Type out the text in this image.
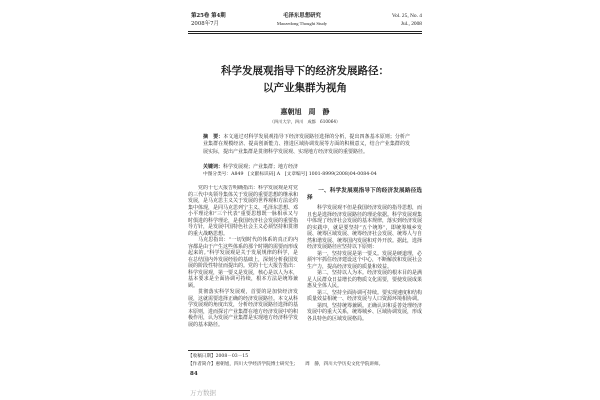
第25卷 第4期
2008年7月
毛泽东思想研究
Maozedong Thought Study
Vol. 25, No. 4
Jul., 2008
科学发展观指导下的经济发展路径：
以产业集群为视角
惠朝旭　周　静
（四川大学，四川　成都　610064）
摘　要：本文通过对科学发展观指导下经济发展路径选择的分析，提出四条基本原则；分析产业集群在规模经济、提高创新能力、推进区域协调发展等方面的积极意义，结合产业集群的发展实际，提出产业集群是贯彻科学发展观、实现地方经济发展的重要路径。
关键词：科学发展观；产业集群；地方经济
中图分类号：A849　[文献标识码] A　[文章编号] 1001-8999(2008)04-0084-04

党的十七大报告明确指出：科学发展观是对党的三代中央领导集体关于发展的重要思想的继承和发展，是马克思主义关于发展的世界观和方法论的集中体现，是同马克思列宁主义、毛泽东思想、邓小平理论和“三个代表”重要思想既一脉相承又与时俱进的科学理论，是我国经济社会发展的重要指导方针，是发展中国特色社会主义必须坚持和贯彻的重大战略思想。

马克思指出：“一切划时代的体系的真正的内容都是由于产生这些体系的那个时期的需要而形成起来的。”科学发展观是关于发展规律的科学，是在总结国内外发展经验的基础上，深刻分析我国发展的阶段性特征而提出的。党的十七大报告指出：科学发展观，第一要义是发展，核心是以人为本，基本要求是全面协调可持续，根本方法是统筹兼顾。

贯彻落实科学发展观，首要的是加快经济发展，这就需要选择正确的经济发展路径。本文从科学发展观的角度出发，分析经济发展路径选择的基本原则，进而探讨产业集群在地方经济发展中的积极作用，认为发展产业集群是实现地方经济科学发展的基本路径。

一、科学发展观指导下的经济发展路径选择

科学发展观不但是我国经济发展的指导思想，而且也是选择经济发展路径的理论依据。科学发展观集中体现了经济社会发展的基本规律，落实到经济发展的实践中，就是要坚持“五个统筹”，即统筹城乡发展、统筹区域发展、统筹经济社会发展、统筹人与自然和谐发展、统筹国内发展和对外开放。据此，选择经济发展路径应坚持以下原则：

第一，坚持发展是第一要义。发展是硬道理，必须牢牢抓住经济建设这个中心，不断解放和发展社会生产力，提高经济发展的质量和效益。

第二，坚持以人为本。经济发展的根本目的是满足人民群众日益增长的物质文化需要，要使发展成果惠及全体人民。

第三，坚持全面协调可持续。要实现速度和结构质量效益相统一、经济发展与人口资源环境相协调。

第四，坚持统筹兼顾。正确认识和妥善处理经济发展中的重大关系，统筹城乡、区域协调发展，形成各具特色的区域发展格局。

【收稿日期】2008－03－15
【作者简介】惠朝旭，四川大学经济学院博士研究生；　　周　静，四川大学历史文化学院讲师。
84
万方数据
